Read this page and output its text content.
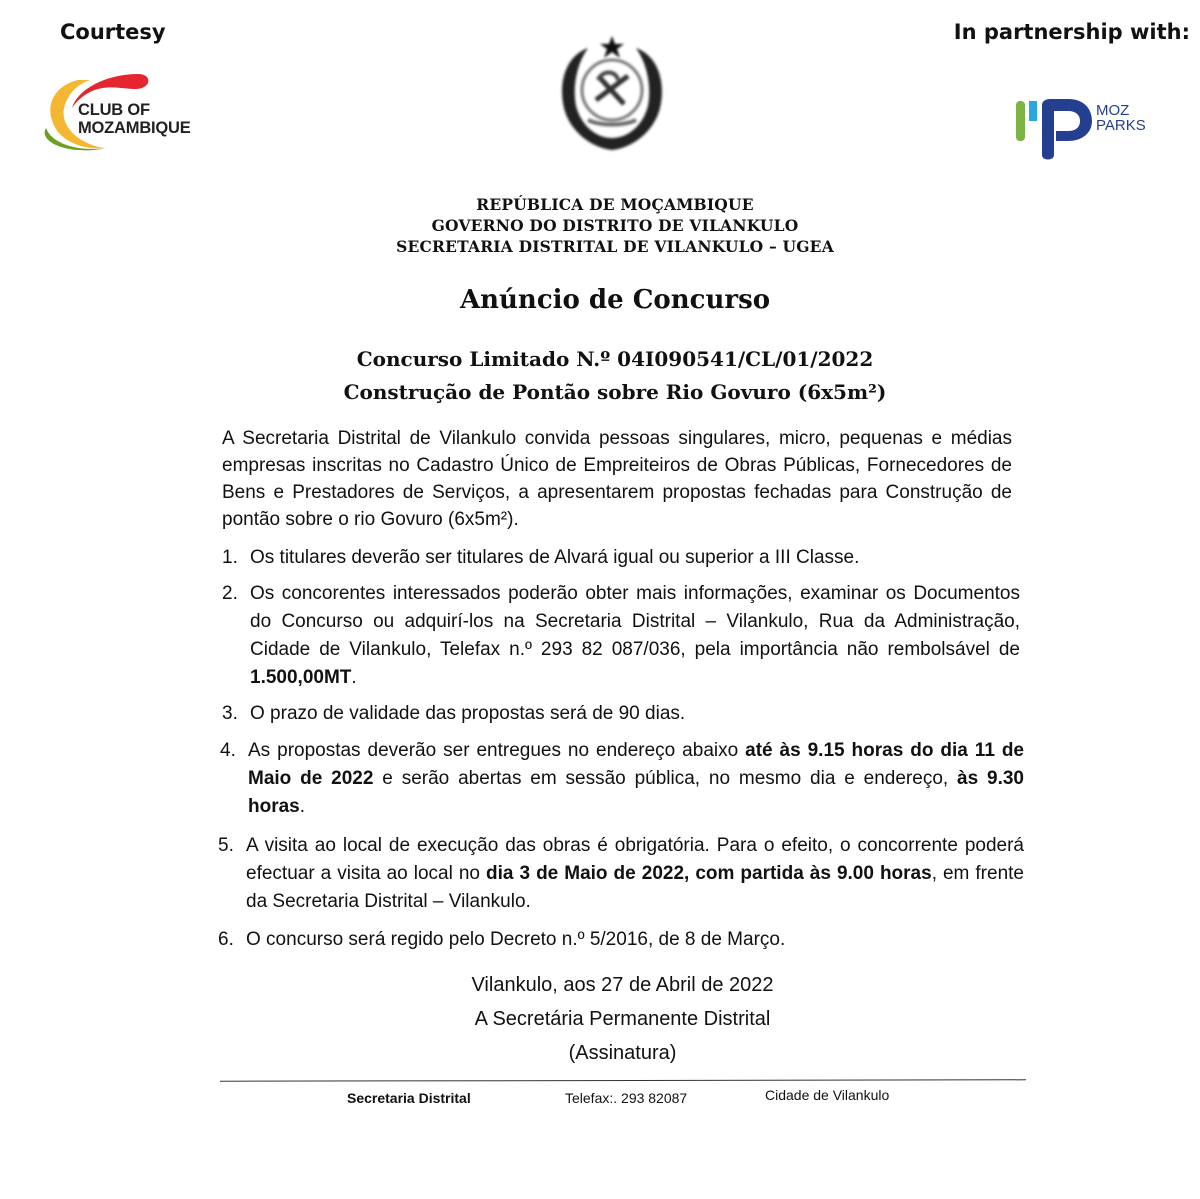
Courtesy	In partnership with:
CLUB OF
MOZAMBIQUE
MOZ
PARKS
REPÚBLICA DE MOÇAMBIQUE
GOVERNO DO DISTRITO DE VILANKULO
SECRETARIA DISTRITAL DE VILANKULO – UGEA
Anúncio de Concurso
Concurso Limitado N.º 04I090541/CL/01/2022
Construção de Pontão sobre Rio Govuro (6x5m²)
A Secretaria Distrital de Vilankulo convida pessoas singulares, micro, pequenas e médias empresas inscritas no Cadastro Único de Empreiteiros de Obras Públicas, Fornecedores de Bens e Prestadores de Serviços, a apresentarem propostas fechadas para Construção de pontão sobre o rio Govuro (6x5m²).
1. Os titulares deverão ser titulares de Alvará igual ou superior a III Classe.
2. Os concorentes interessados poderão obter mais informações, examinar os Documentos do Concurso ou adquirí-los na Secretaria Distrital – Vilankulo, Rua da Administração, Cidade de Vilankulo, Telefax n.º 293 82 087/036, pela importância não rembolsável de 1.500,00MT.
3. O prazo de validade das propostas será de 90 dias.
4. As propostas deverão ser entregues no endereço abaixo até às 9.15 horas do dia 11 de Maio de 2022 e serão abertas em sessão pública, no mesmo dia e endereço, às 9.30 horas.
5. A visita ao local de execução das obras é obrigatória. Para o efeito, o concorrente poderá efectuar a visita ao local no dia 3 de Maio de 2022, com partida às 9.00 horas, em frente da Secretaria Distrital – Vilankulo.
6. O concurso será regido pelo Decreto n.º 5/2016, de 8 de Março.
Vilankulo, aos 27 de Abril de 2022
A Secretária Permanente Distrital
(Assinatura)
Secretaria Distrital	Telefax:. 293 82087	Cidade de Vilankulo
